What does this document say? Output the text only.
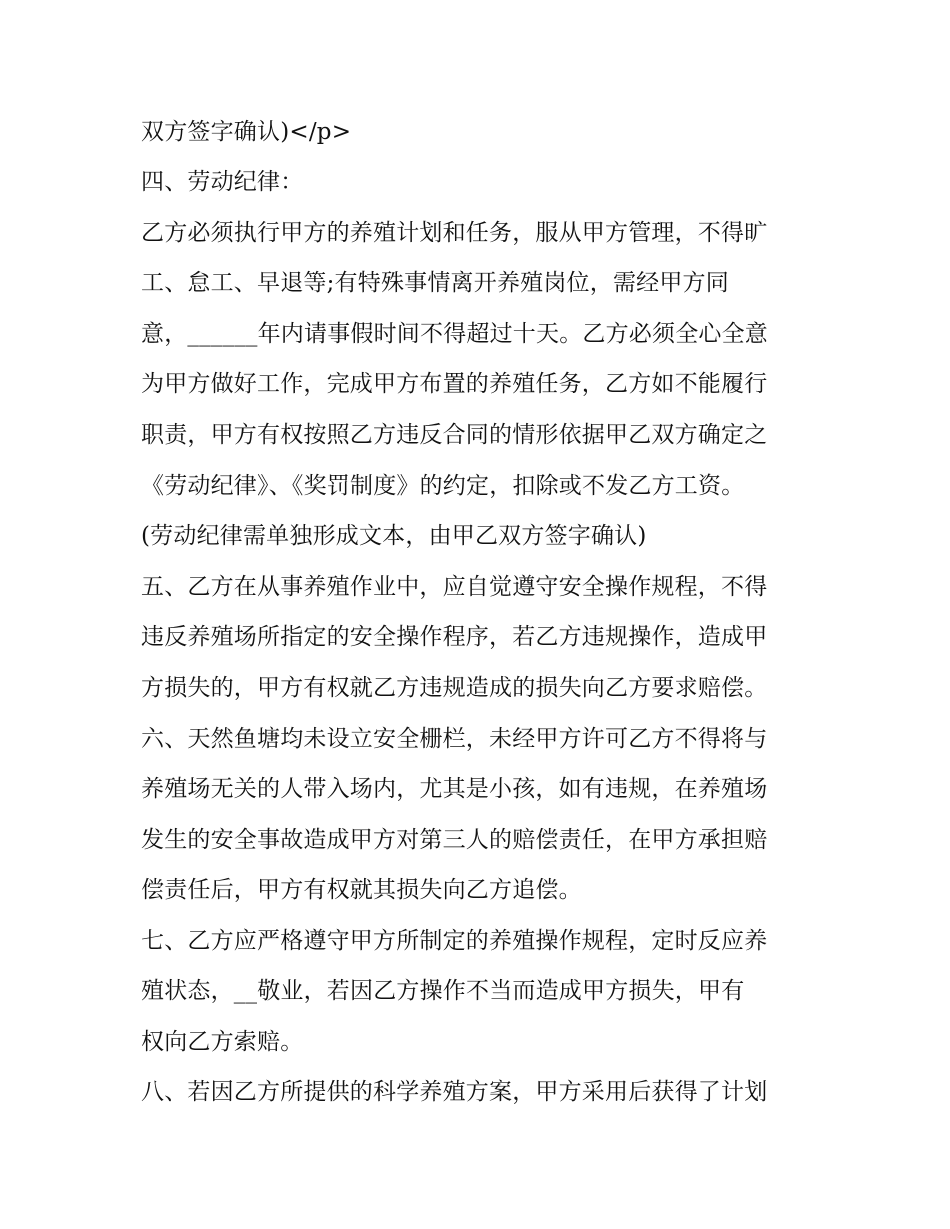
双方签字确认)</p>
四、劳动纪律：
乙方必须执行甲方的养殖计划和任务，服从甲方管理，不得旷
工、怠工、早退等;有特殊事情离开养殖岗位，需经甲方同
意，______年内请事假时间不得超过十天。乙方必须全心全意
为甲方做好工作，完成甲方布置的养殖任务，乙方如不能履行
职责，甲方有权按照乙方违反合同的情形依据甲乙双方确定之
《劳动纪律》、《奖罚制度》的约定，扣除或不发乙方工资。
(劳动纪律需单独形成文本，由甲乙双方签字确认)
五、乙方在从事养殖作业中，应自觉遵守安全操作规程，不得
违反养殖场所指定的安全操作程序，若乙方违规操作，造成甲
方损失的，甲方有权就乙方违规造成的损失向乙方要求赔偿。
六、天然鱼塘均未设立安全栅栏，未经甲方许可乙方不得将与
养殖场无关的人带入场内，尤其是小孩，如有违规，在养殖场
发生的安全事故造成甲方对第三人的赔偿责任，在甲方承担赔
偿责任后，甲方有权就其损失向乙方追偿。
七、乙方应严格遵守甲方所制定的养殖操作规程，定时反应养
殖状态，__敬业，若因乙方操作不当而造成甲方损失，甲有
权向乙方索赔。
八、若因乙方所提供的科学养殖方案，甲方采用后获得了计划
